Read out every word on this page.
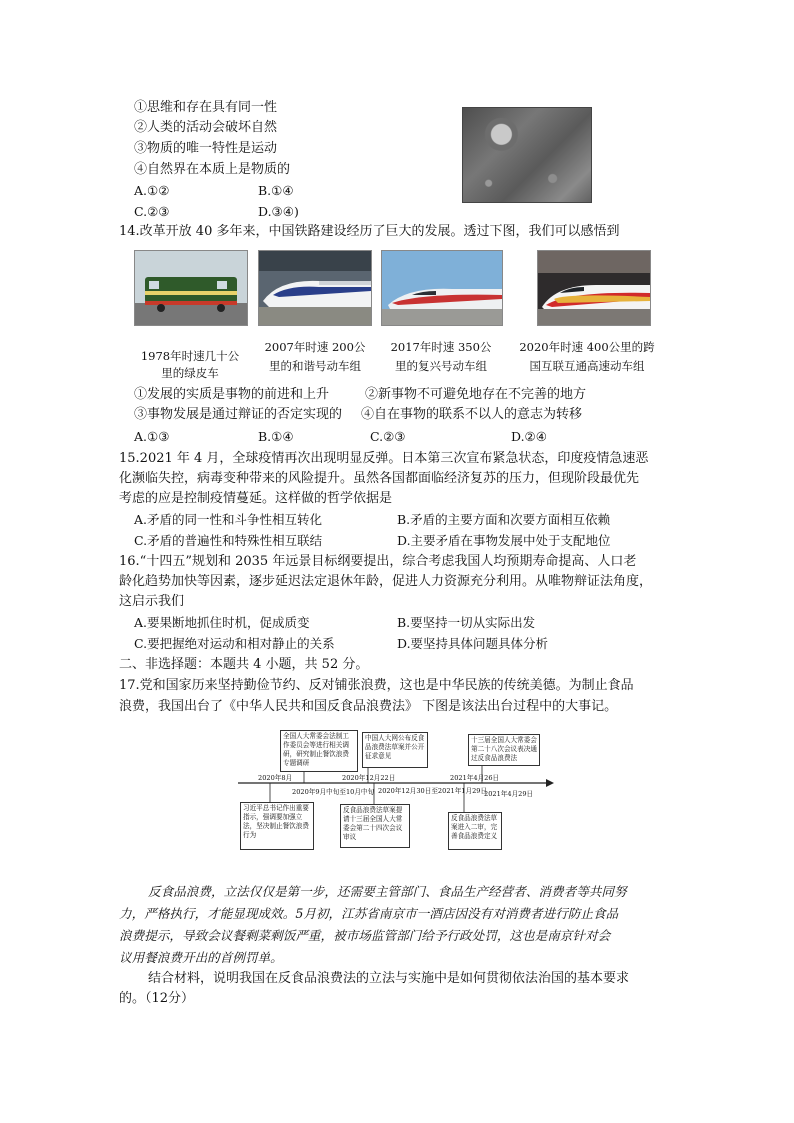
①思维和存在具有同一性
②人类的活动会破坏自然
③物质的唯一特性是运动
④自然界在本质上是物质的
A.①②	B.①④
C.②③	D.③④)
14.改革开放 40 多年来，中国铁路建设经历了巨大的发展。透过下图，我们可以感悟到
1978年时速几十公
里的绿皮车
2007年时速 200公
里的和谐号动车组
2017年时速 350公
里的复兴号动车组
2020年时速 400公里的跨
国互联互通高速动车组
①发展的实质是事物的前进和上升	②新事物不可避免地存在不完善的地方
③事物发展是通过辩证的否定实现的 ④自在事物的联系不以人的意志为转移
A.①③	B.①④	C.②③	D.②④
15.2021 年 4 月，全球疫情再次出现明显反弹。日本第三次宣布紧急状态，印度疫情急速恶
化濒临失控，病毒变种带来的风险提升。虽然各国都面临经济复苏的压力，但现阶段最优先
考虑的应是控制疫情蔓延。这样做的哲学依据是
A.矛盾的同一性和斗争性相互转化	B.矛盾的主要方面和次要方面相互依赖
C.矛盾的普遍性和特殊性相互联结	D.主要矛盾在事物发展中处于支配地位
16.“十四五”规划和 2035 年远景目标纲要提出，综合考虑我国人均预期寿命提高、人口老
龄化趋势加快等因素，逐步延迟法定退休年龄，促进人力资源充分利用。从唯物辩证法角度，
这启示我们
A.要果断地抓住时机，促成质变	B.要坚持一切从实际出发
C.要把握绝对运动和相对静止的关系	D.要坚持具体问题具体分析
二、非选择题：本题共 4 小题，共 52 分。
17.党和国家历来坚持勤俭节约、反对铺张浪费，这也是中华民族的传统美德。为制止食品
浪费，我国出台了《中华人民共和国反食品浪费法》 下图是该法出台过程中的大事记。
全国人大常委会法制工作委员会等进行相关调研，研究制止餐饮浪费专题调研
中国人大网公布反食品浪费法草案并公开征求意见
十三届全国人大常委会第二十八次会议表决通过反食品浪费法
习近平总书记作出重要指示，强调要加强立法，坚决制止餐饮浪费行为
反食品浪费法草案提请十三届全国人大常委会第二十四次会议审议
反食品浪费法草案进入二审，完善食品浪费定义
2020年8月
2020年9月中旬至10月中旬
2020年12月22日
2020年12月30日至2021年1月29日
2021年4月26日
2021年4月29日
反食品浪费，立法仅仅是第一步，还需要主管部门、食品生产经营者、消费者等共同努
力，严格执行，才能显现成效。5月初，江苏省南京市一酒店因没有对消费者进行防止食品
浪费提示，导致会议餐剩菜剩饭严重，被市场监管部门给予行政处罚，这也是南京针对会
议用餐浪费开出的首例罚单。
结合材料，说明我国在反食品浪费法的立法与实施中是如何贯彻依法治国的基本要求
的。（12分）
